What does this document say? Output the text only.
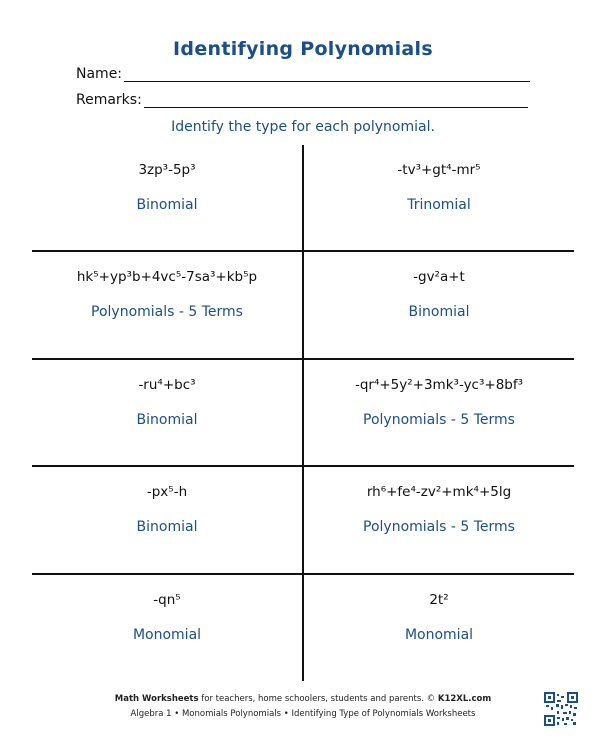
Identifying Polynomials
Name:
Remarks:
Identify the type for each polynomial.
3zp³-5p³
Binomial
-tv³+gt⁴-mr⁵
Trinomial
hk⁵+yp³b+4vc⁵-7sa³+kb⁵p
Polynomials - 5 Terms
-gv²a+t
Binomial
-ru⁴+bc³
Binomial
-qr⁴+5y²+3mk³-yc³+8bf³
Polynomials - 5 Terms
-px⁵-h
Binomial
rh⁶+fe⁴-zv²+mk⁴+5lg
Polynomials - 5 Terms
-qn⁵
Monomial
2t²
Monomial
Math Worksheets for teachers, home schoolers, students and parents. © K12XL.com
Algebra 1 • Monomials Polynomials • Identifying Type of Polynomials Worksheets
